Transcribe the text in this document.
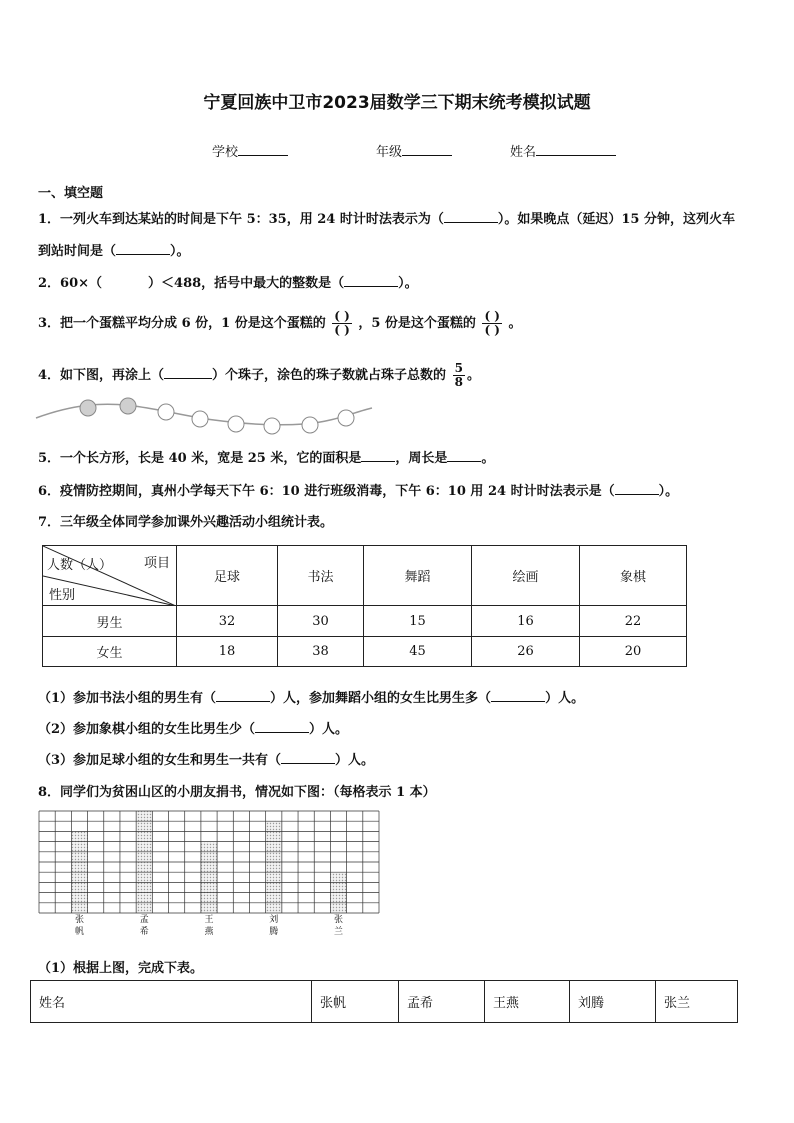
宁夏回族中卫市2023届数学三下期末统考模拟试题
学校	年级	姓名
一、填空题
1．一列火车到达某站的时间是下午 5：35，用 24 时计时法表示为（	）。如果晚点（延迟）15 分钟，这列火车
到站时间是（	）。
2．60×（	）＜488，括号中最大的整数是（	）。
3．把一个蛋糕平均分成 6 份，1 份是这个蛋糕的 $\frac{( )}{( )}$ ，5 份是这个蛋糕的 $\frac{( )}{( )}$ 。
4．如下图，再涂上（	）个珠子，涂色的珠子数就占珠子总数的 $\frac{5}{8}$ 。
5．一个长方形，长是 40 米，宽是 25 米，它的面积是	，周长是	。
6．疫情防控期间，真州小学每天下午 6：10 进行班级消毒，下午 6：10 用 24 时计时法表示是（	）。
7．三年级全体同学参加课外兴趣活动小组统计表。
项目
人数（人）
性别	足球	书法	舞蹈	绘画	象棋
男生	32	30	15	16	22
女生	18	38	45	26	20
（1）参加书法小组的男生有（	）人，参加舞蹈小组的女生比男生多（	）人。
（2）参加象棋小组的女生比男生少（	）人。
（3）参加足球小组的女生和男生一共有（	）人。
8．同学们为贫困山区的小朋友捐书，情况如下图：（每格表示 1 本）
张
帆
孟
希
王
燕
刘
腾
张
兰
（1）根据上图，完成下表。
姓名	张帆	孟希	王燕	刘腾	张兰
